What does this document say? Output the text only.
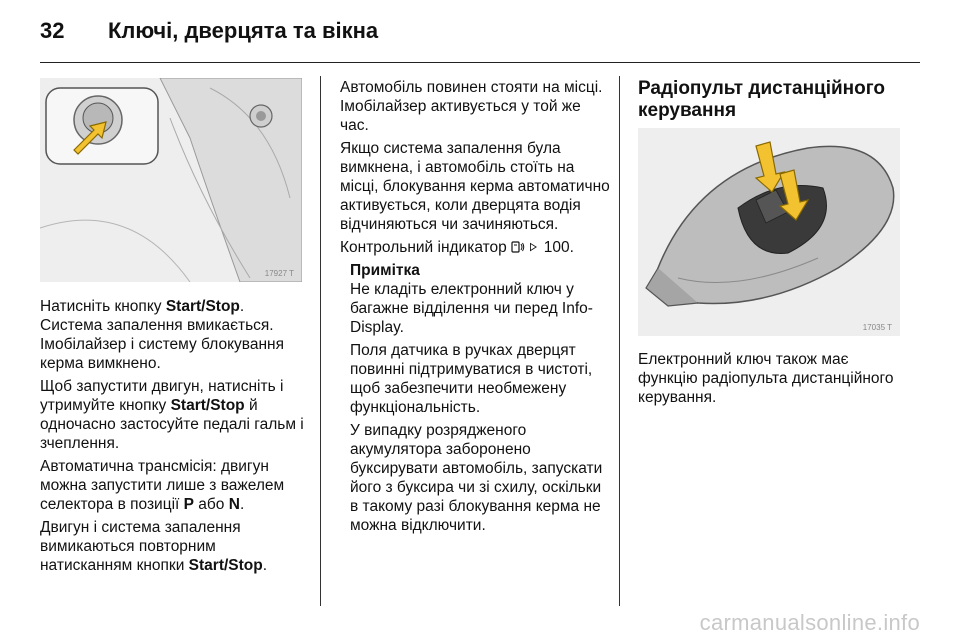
32 Ключі, дверцята та вікна
17927 T

Натисніть кнопку Start/Stop. Система запалення вмикається. Імобілайзер і систему блокування керма вимкнено.

Щоб запустити двигун, натисніть і утримуйте кнопку Start/Stop й одночасно застосуйте педалі гальм і зчеплення.

Автоматична трансмісія: двигун можна запустити лише з важелем селектора в позиції P або N.

Двигун і система запалення вимикаються повторним натисканням кнопки Start/Stop.

Автомобіль повинен стояти на місці. Імобілайзер активується у той же час.

Якщо система запалення була вимкнена, і автомобіль стоїть на місці, блокування керма автоматично активується, коли дверцята водія відчиняються чи зачиняються.

Контрольний індикатор   100.

Примітка

Не кладіть електронний ключ у багажне відділення чи перед Info-Display.

Поля датчика в ручках дверцят повинні підтримуватися в чистоті, щоб забезпечити необмежену функціональність.

У випадку розрядженого акумулятора заборонено буксирувати автомобіль, запускати його з буксира чи зі схилу, оскільки в такому разі блокування керма не можна відключити.

Радіопульт дистанційного керування
17035 T

Електронний ключ також має функцію радіопульта дистанційного керування.

carmanualsonline.info
